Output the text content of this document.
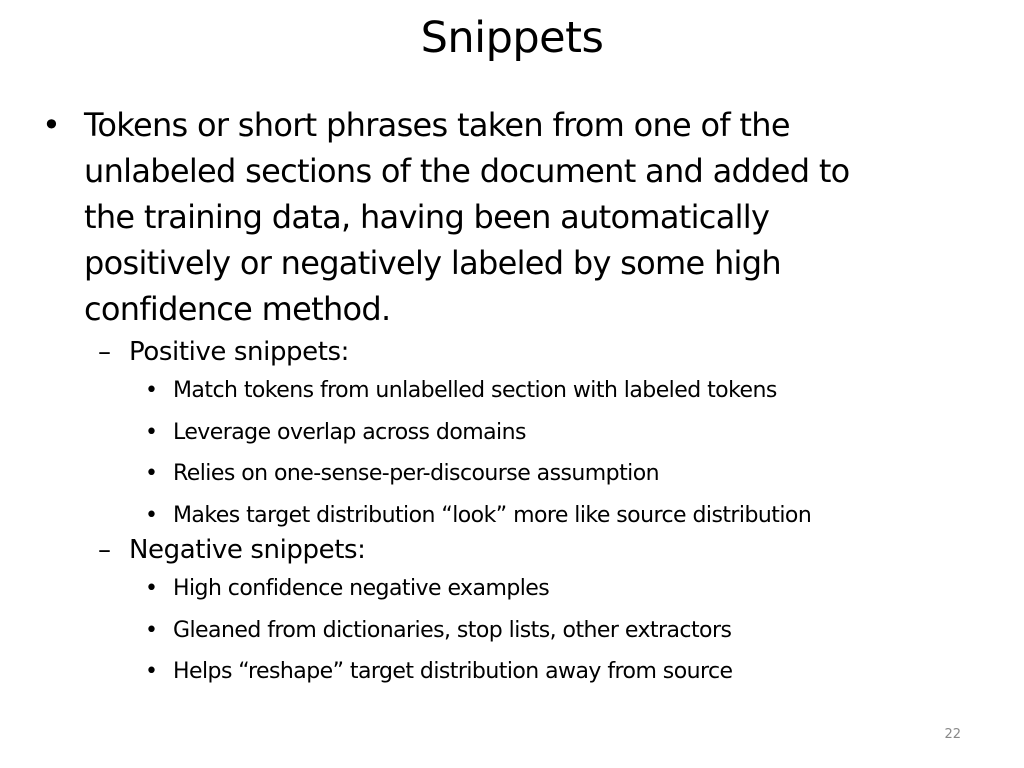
Snippets
• Tokens or short phrases taken from one of the
unlabeled sections of the document and added to
the training data, having been automatically
positively or negatively labeled by some high
confidence method.
– Positive snippets:
• Match tokens from unlabelled section with labeled tokens
• Leverage overlap across domains
• Relies on one-sense-per-discourse assumption
• Makes target distribution “look” more like source distribution
– Negative snippets:
• High confidence negative examples
• Gleaned from dictionaries, stop lists, other extractors
• Helps “reshape” target distribution away from source
22
